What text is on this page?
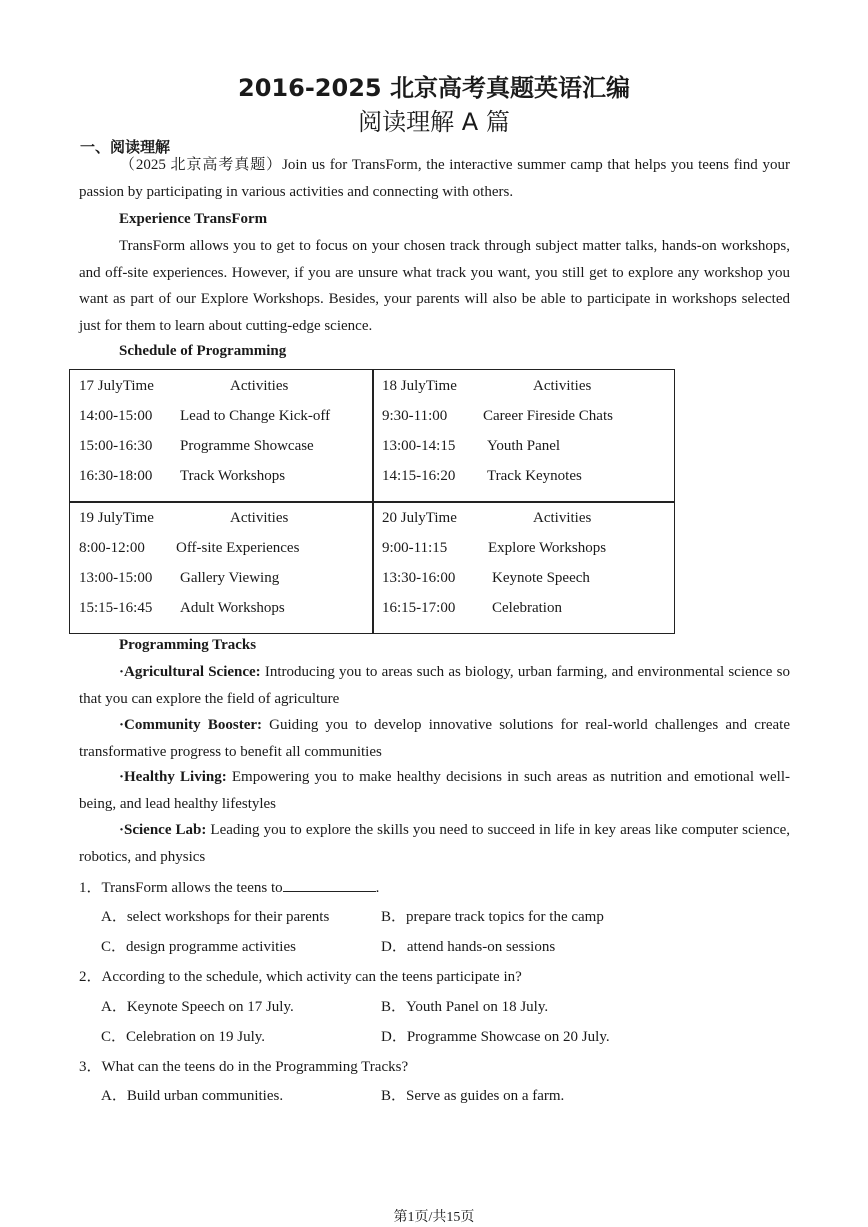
2016-2025 北京高考真题英语汇编
阅读理解 A 篇
一、阅读理解
（2025 北京高考真题）Join us for TransForm, the interactive summer camp that helps you teens find your passion by participating in various activities and connecting with others.
Experience TransForm
TransForm allows you to get to focus on your chosen track through subject matter talks, hands-on workshops, and off-site experiences. However, if you are unsure what track you want, you still get to explore any workshop you want as part of our Explore Workshops. Besides, your parents will also be able to participate in workshops selected just for them to learn about cutting-edge science.
Schedule of Programming
17 JulyTime	Activities
14:00-15:00 Lead to Change Kick-off
15:00-16:30 Programme Showcase
16:30-18:00 Track Workshops
18 JulyTime	Activities
9:30-11:00 Career Fireside Chats
13:00-14:15 Youth Panel
14:15-16:20 Track Keynotes
19 JulyTime	Activities
8:00-12:00 Off-site Experiences
13:00-15:00 Gallery Viewing
15:15-16:45 Adult Workshops
20 JulyTime	Activities
9:00-11:15	Explore Workshops
13:30-16:00 Keynote Speech
16:15-17:00 Celebration
Programming Tracks
·Agricultural Science: Introducing you to areas such as biology, urban farming, and environmental science so that you can explore the field of agriculture
·Community Booster: Guiding you to develop innovative solutions for real-world challenges and create transformative progress to benefit all communities
·Healthy Living: Empowering you to make healthy decisions in such areas as nutrition and emotional well-being, and lead healthy lifestyles
·Science Lab: Leading you to explore the skills you need to succeed in life in key areas like computer science, robotics, and physics
1．TransForm allows the teens to	.
A．select workshops for their parents	B．prepare track topics for the camp
C．design programme activities	D．attend hands-on sessions
2．According to the schedule, which activity can the teens participate in?
A．Keynote Speech on 17 July.	B．Youth Panel on 18 July.
C．Celebration on 19 July.	D．Programme Showcase on 20 July.
3．What can the teens do in the Programming Tracks?
A．Build urban communities.	B．Serve as guides on a farm.
第1页/共15页
